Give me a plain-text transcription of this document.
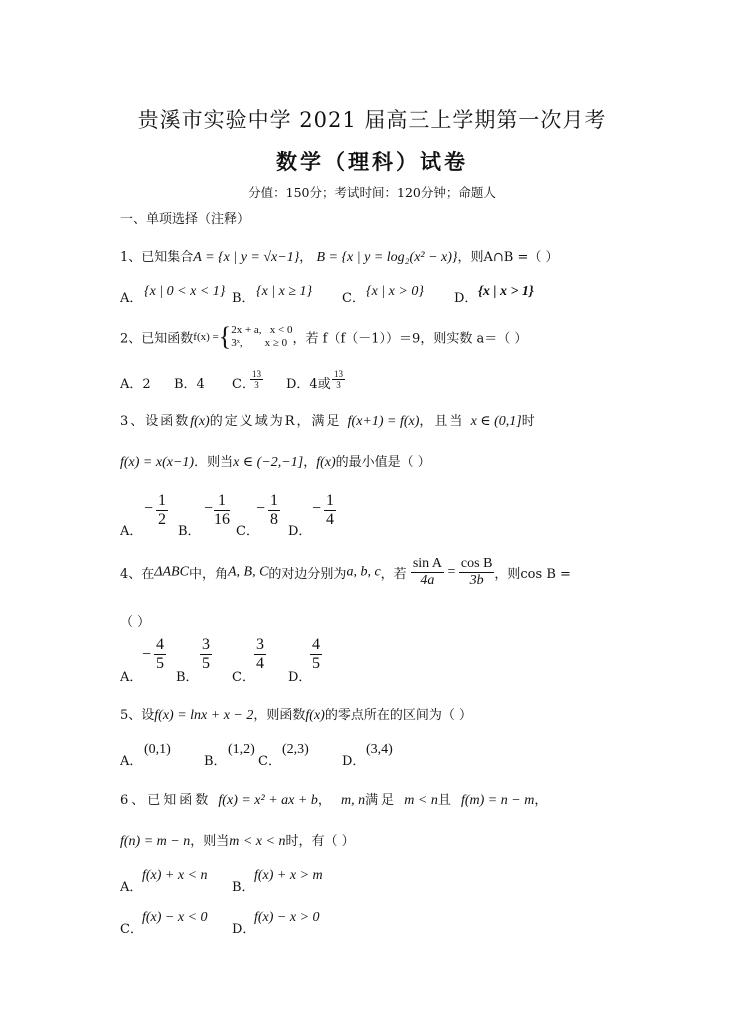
贵溪市实验中学 2021 届高三上学期第一次月考
数学（理科）试卷
分值：150分；考试时间：120分钟；命题人
一、单项选择（注释）
1、已知集合A = {x | y = √x−1}， B = {x | y = log₂(x² − x)}，则A∩B =（ ）
A． {x | 0 < x < 1} B． {x | x ≥ 1} C． {x | x > 0} D． {x | x > 1}
2、已知函数f(x) ={ 2x + a,   x < 0
3ˣ,        x ≥ 0 ，若 f（f（－1））＝9，则实数 a＝（ ）
A．2 B．4 C．
$\frac{13}{3}$ D．4或 $\frac{13}{3}$
3、设函数f(x)的定义域为R，满足 f(x+1) = f(x)，且当 x ∈ (0,1]时
f(x) = x(x−1)．则当x ∈ (−2,−1]，f(x)的最小值是（ ）
A．
− $\frac{1}{2}$
B．
− $\frac{1}{16}$
C．
− $\frac{1}{8}$
D．
− $\frac{1}{4}$
4、在ΔABC中，角A, B, C的对边分别为a, b, c，若 $\frac{\text{sin A}}{4a} = \frac{\text{cos B}}{3b}$ ，则cos B =
（ ）
A．
− $\frac{4}{5}$
B．
$\frac{3}{5}$
C．
$\frac{3}{4}$
D．
$\frac{4}{5}$
5、设f(x) = lnx + x − 2，则函数f(x)的零点所在的区间为（ ）
A．
(0,1)
B．
(1,2)
C．
(2,3)
D．
(3,4)
6、已知函数 f(x) = x² + ax + b， m, n满足 m < n且 f(m) = n − m，
f(n) = m − n，则当m < x < n时，有（ ）
A．
f(x) + x < n
B．
f(x) + x > m
C．
f(x) − x < 0
D．
f(x) − x > 0
